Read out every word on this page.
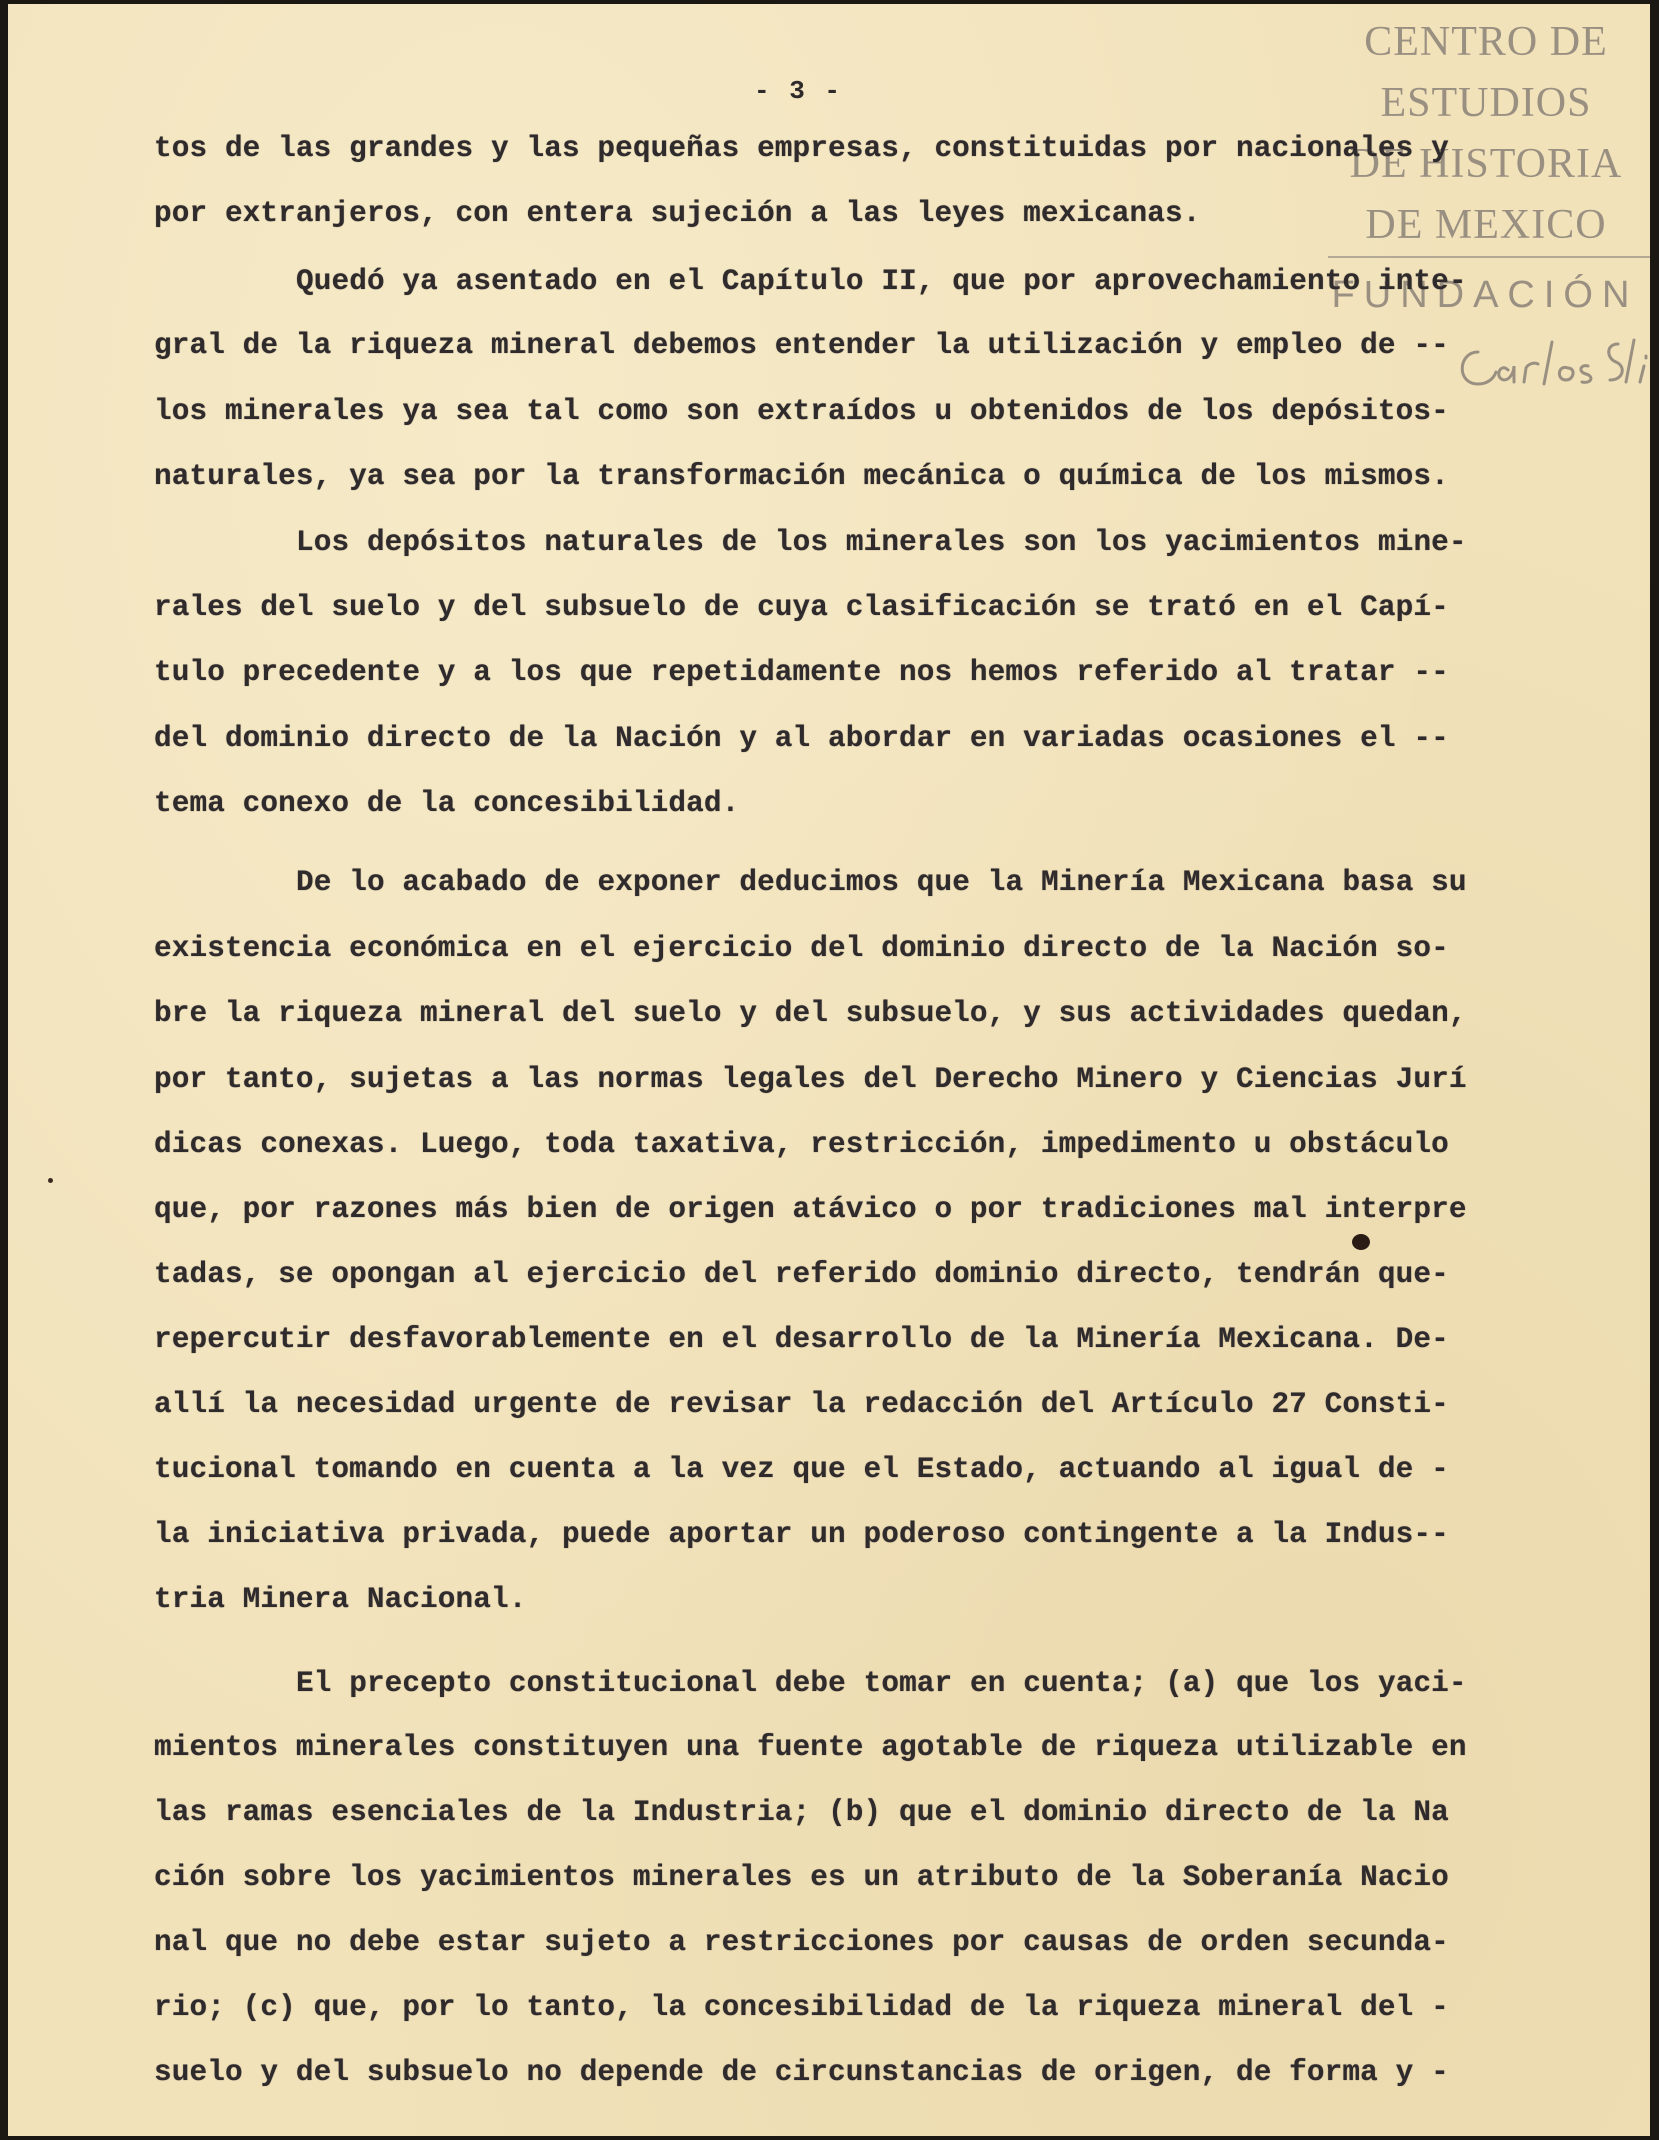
- 3 -
CENTRO DE
ESTUDIOS
DE HISTORIA
DE MEXICO
FUNDACIÓN
tos de las grandes y las pequeñas empresas, constituidas por nacionales y
por extranjeros, con entera sujeción a las leyes mexicanas.
Quedó ya asentado en el Capítulo II, que por aprovechamiento inte-
gral de la riqueza mineral debemos entender la utilización y empleo de --
los minerales ya sea tal como son extraídos u obtenidos de los depósitos-
naturales, ya sea por la transformación mecánica o química de los mismos.
Los depósitos naturales de los minerales son los yacimientos mine-
rales del suelo y del subsuelo de cuya clasificación se trató en el Capí-
tulo precedente y a los que repetidamente nos hemos referido al tratar --
del dominio directo de la Nación y al abordar en variadas ocasiones el --
tema conexo de la concesibilidad.
De lo acabado de exponer deducimos que la Minería Mexicana basa su
existencia económica en el ejercicio del dominio directo de la Nación so-
bre la riqueza mineral del suelo y del subsuelo, y sus actividades quedan,
por tanto, sujetas a las normas legales del Derecho Minero y Ciencias Jurí
dicas conexas. Luego, toda taxativa, restricción, impedimento u obstáculo
que, por razones más bien de origen atávico o por tradiciones mal interpre
tadas, se opongan al ejercicio del referido dominio directo, tendrán que-
repercutir desfavorablemente en el desarrollo de la Minería Mexicana. De-
allí la necesidad urgente de revisar la redacción del Artículo 27 Consti-
tucional tomando en cuenta a la vez que el Estado, actuando al igual de -
la iniciativa privada, puede aportar un poderoso contingente a la Indus--
tria Minera Nacional.
El precepto constitucional debe tomar en cuenta; (a) que los yaci-
mientos minerales constituyen una fuente agotable de riqueza utilizable en
las ramas esenciales de la Industria; (b) que el dominio directo de la Na
ción sobre los yacimientos minerales es un atributo de la Soberanía Nacio
nal que no debe estar sujeto a restricciones por causas de orden secunda-
rio; (c) que, por lo tanto, la concesibilidad de la riqueza mineral del -
suelo y del subsuelo no depende de circunstancias de origen, de forma y -
